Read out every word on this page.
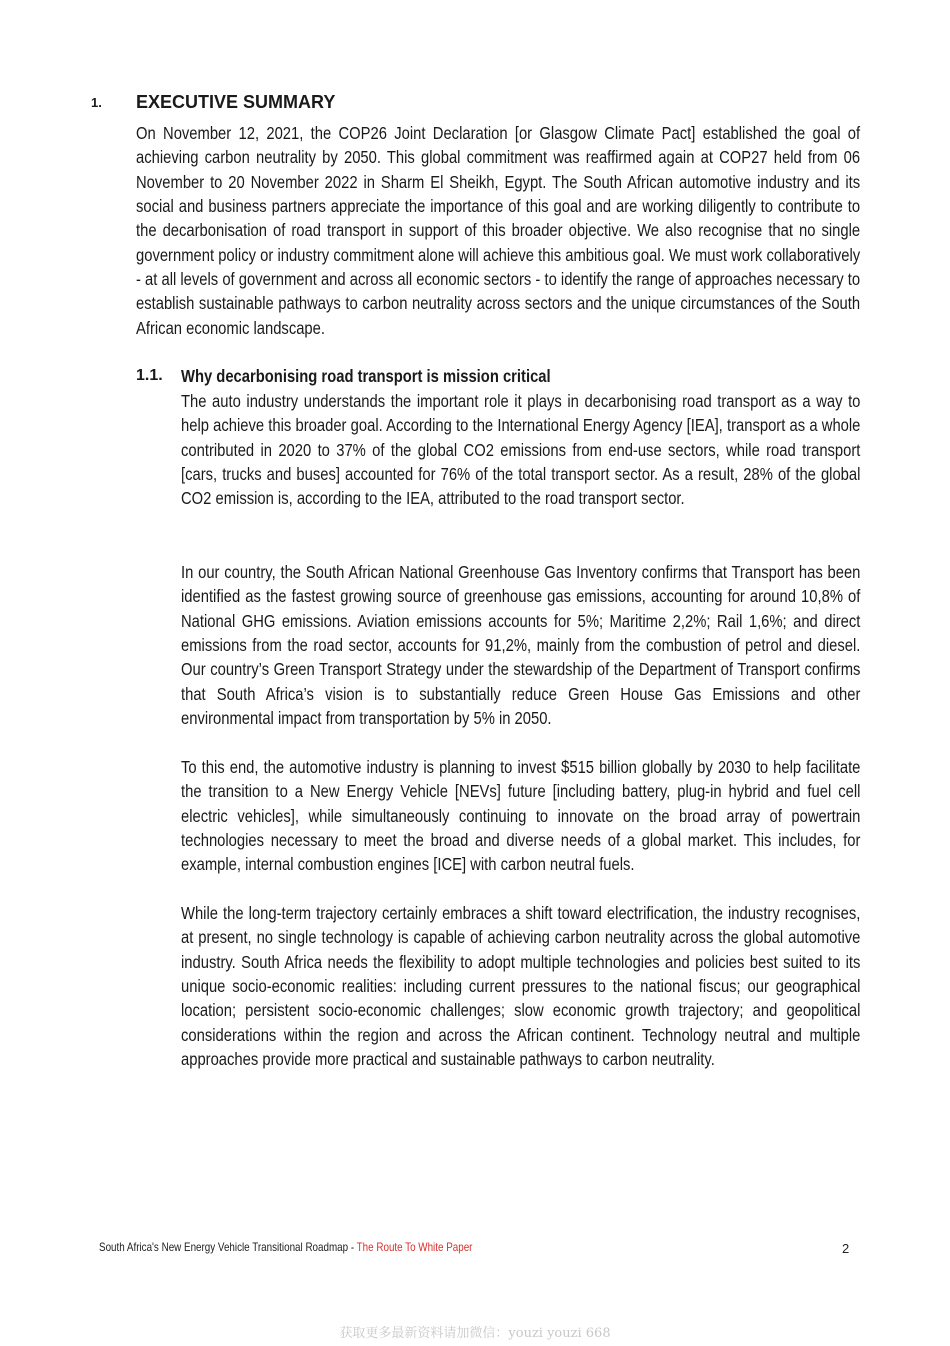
1. EXECUTIVE SUMMARY

On November 12, 2021, the COP26 Joint Declaration [or Glasgow Climate Pact] established the goal of achieving carbon neutrality by 2050. This global commitment was reaffirmed again at COP27 held from 06 November to 20 November 2022 in Sharm El Sheikh, Egypt. The South African automotive industry and its social and business partners appreciate the importance of this goal and are working diligently to contribute to the decarbonisation of road transport in support of this broader objective. We also recognise that no single government policy or industry commitment alone will achieve this ambitious goal. We must work collaboratively - at all levels of government and across all economic sectors - to identify the range of approaches necessary to establish sustainable pathways to carbon neutrality across sectors and the unique circumstances of the South African economic landscape.

1.1. Why decarbonising road transport is mission critical

The auto industry understands the important role it plays in decarbonising road transport as a way to help achieve this broader goal. According to the International Energy Agency [IEA], transport as a whole contributed in 2020 to 37% of the global CO2 emissions from end-use sectors, while road transport [cars, trucks and buses] accounted for 76% of the total transport sector. As a result, 28% of the global CO2 emission is, according to the IEA, attributed to the road transport sector.

In our country, the South African National Greenhouse Gas Inventory confirms that Transport has been identified as the fastest growing source of greenhouse gas emissions, accounting for around 10,8% of National GHG emissions. Aviation emissions accounts for 5%; Maritime 2,2%; Rail 1,6%; and direct emissions from the road sector, accounts for 91,2%, mainly from the combustion of petrol and diesel. Our country’s Green Transport Strategy under the stewardship of the Department of Transport confirms that South Africa’s vision is to substantially reduce Green House Gas Emissions and other environmental impact from transportation by 5% in 2050.

To this end, the automotive industry is planning to invest $515 billion globally by 2030 to help facilitate the transition to a New Energy Vehicle [NEVs] future [including battery, plug-in hybrid and fuel cell electric vehicles], while simultaneously continuing to innovate on the broad array of powertrain technologies necessary to meet the broad and diverse needs of a global market. This includes, for example, internal combustion engines [ICE] with carbon neutral fuels.

While the long-term trajectory certainly embraces a shift toward electrification, the industry recognises, at present, no single technology is capable of achieving carbon neutrality across the global automotive industry. South Africa needs the flexibility to adopt multiple technologies and policies best suited to its unique socio-economic realities: including current pressures to the national fiscus; our geographical location; persistent socio-economic challenges; slow economic growth trajectory; and geopolitical considerations within the region and across the African continent. Technology neutral and multiple approaches provide more practical and sustainable pathways to carbon neutrality.

South Africa's New Energy Vehicle Transitional Roadmap - The Route To White Paper	2
获取更多最新资料请加微信：youzi youzi 668
